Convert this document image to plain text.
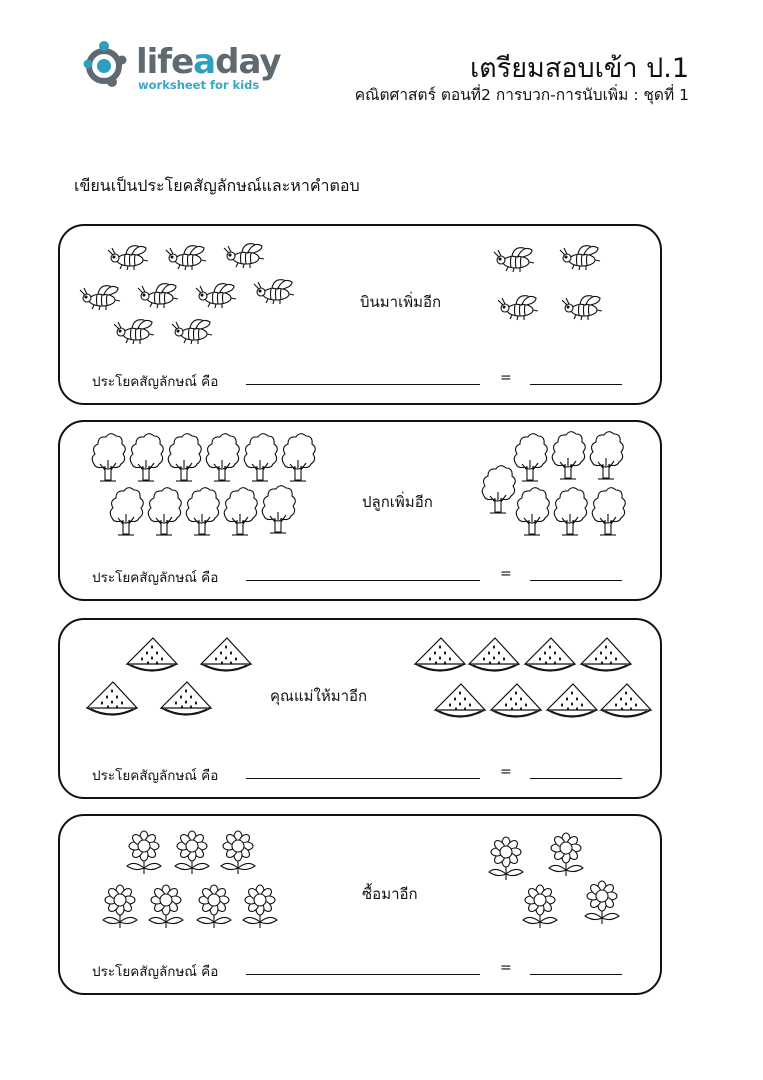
lifeaday
worksheet for kids
เตรียมสอบเข้า ป.1
คณิตศาสตร์ ตอนที่2 การบวก-การนับเพิ่ม : ชุดที่ 1
เขียนเป็นประโยคสัญลักษณ์และหาคำตอบ
บินมาเพิ่มอีก
ประโยคสัญลักษณ์ คือ	=
ปลูกเพิ่มอีก
ประโยคสัญลักษณ์ คือ	=
คุณแม่ให้มาอีก
ประโยคสัญลักษณ์ คือ	=
ซื้อมาอีก
ประโยคสัญลักษณ์ คือ	=
